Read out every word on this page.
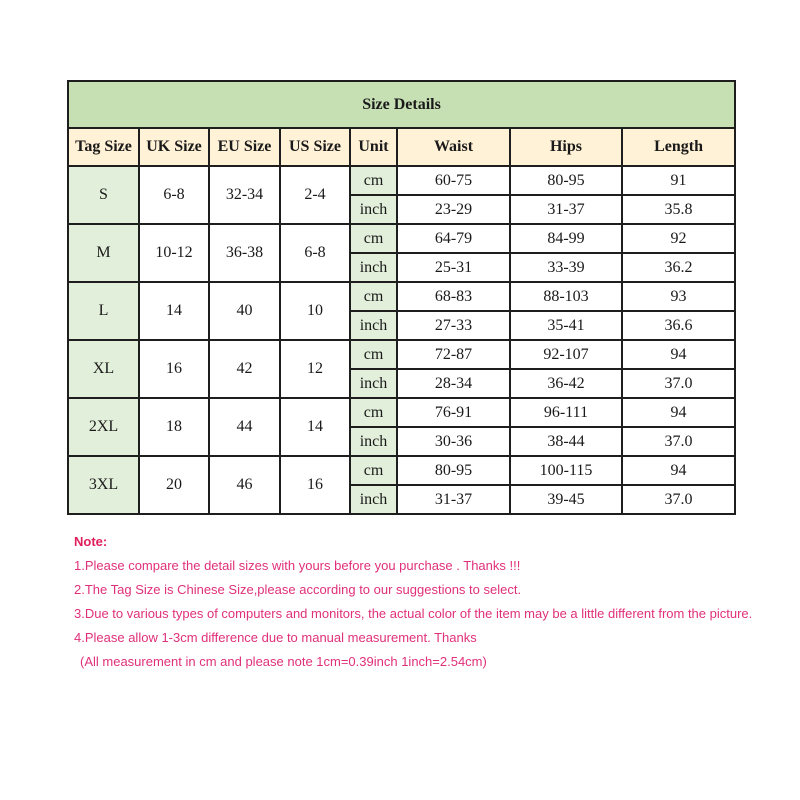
Size Details							
Tag Size	UK Size	EU Size	US Size	Unit	Waist	Hips	Length
S	6-8	32-34	2-4	cm	60-75	80-95	91
				inch	23-29	31-37	35.8
M	10-12	36-38	6-8	cm	64-79	84-99	92
				inch	25-31	33-39	36.2
L	14	40	10	cm	68-83	88-103	93
				inch	27-33	35-41	36.6
XL	16	42	12	cm	72-87	92-107	94
				inch	28-34	36-42	37.0
2XL	18	44	14	cm	76-91	96-111	94
				inch	30-36	38-44	37.0
3XL	20	46	16	cm	80-95	100-115	94
				inch	31-37	39-45	37.0
Note:
1.Please compare the detail sizes with yours before you purchase . Thanks !!!
2.The Tag Size is Chinese Size,please according to our suggestions to select.
3.Due to various types of computers and monitors, the actual color of the item may be a little different from the picture.
4.Please allow 1-3cm difference due to manual measurement. Thanks
(All measurement in cm and please note 1cm=0.39inch 1inch=2.54cm)
